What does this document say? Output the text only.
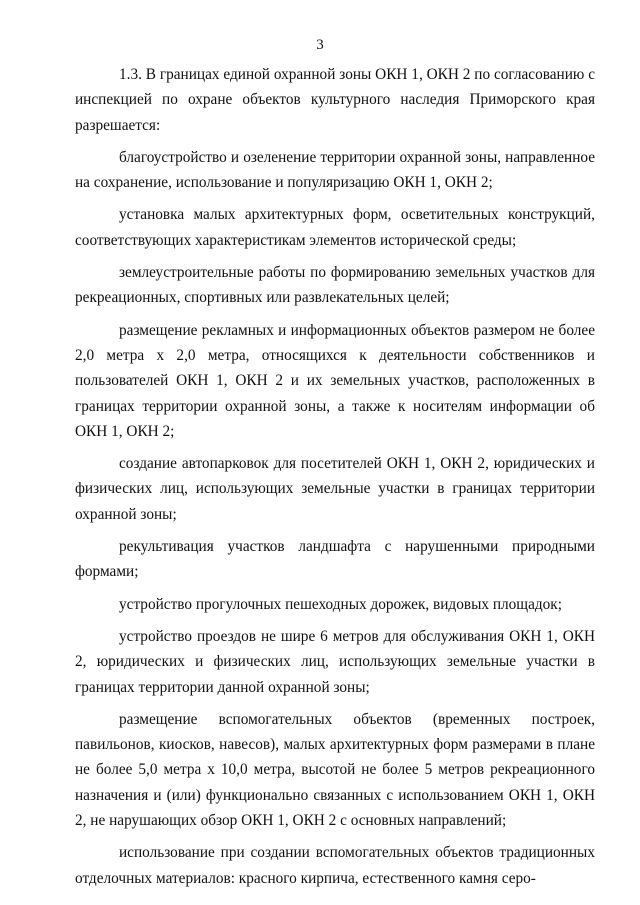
3

1.3. В границах единой охранной зоны ОКН 1, ОКН 2 по согласованию с инспекцией по охране объектов культурного наследия Приморского края разрешается:

благоустройство и озеленение территории охранной зоны, направленное на сохранение, использование и популяризацию ОКН 1, ОКН 2;

установка малых архитектурных форм, осветительных конструкций, соответствующих характеристикам элементов исторической среды;

землеустроительные работы по формированию земельных участков для рекреационных, спортивных или развлекательных целей;

размещение рекламных и информационных объектов размером не более 2,0 метра х 2,0 метра, относящихся к деятельности собственников и пользователей ОКН 1, ОКН 2 и их земельных участков, расположенных в границах территории охранной зоны, а также к носителям информации об ОКН 1, ОКН 2;

создание автопарковок для посетителей ОКН 1, ОКН 2, юридических и физических лиц, использующих земельные участки в границах территории охранной зоны;

рекультивация участков ландшафта с нарушенными природными формами;

устройство прогулочных пешеходных дорожек, видовых площадок;

устройство проездов не шире 6 метров для обслуживания ОКН 1, ОКН 2, юридических и физических лиц, использующих земельные участки в границах территории данной охранной зоны;

размещение вспомогательных объектов (временных построек, павильонов, киосков, навесов), малых архитектурных форм размерами в плане не более 5,0 метра х 10,0 метра, высотой не более 5 метров рекреационного назначения и (или) функционально связанных с использованием ОКН 1, ОКН 2, не нарушающих обзор ОКН 1, ОКН 2 с основных направлений;

использование при создании вспомогательных объектов традиционных отделочных материалов: красного кирпича, естественного камня серо-
